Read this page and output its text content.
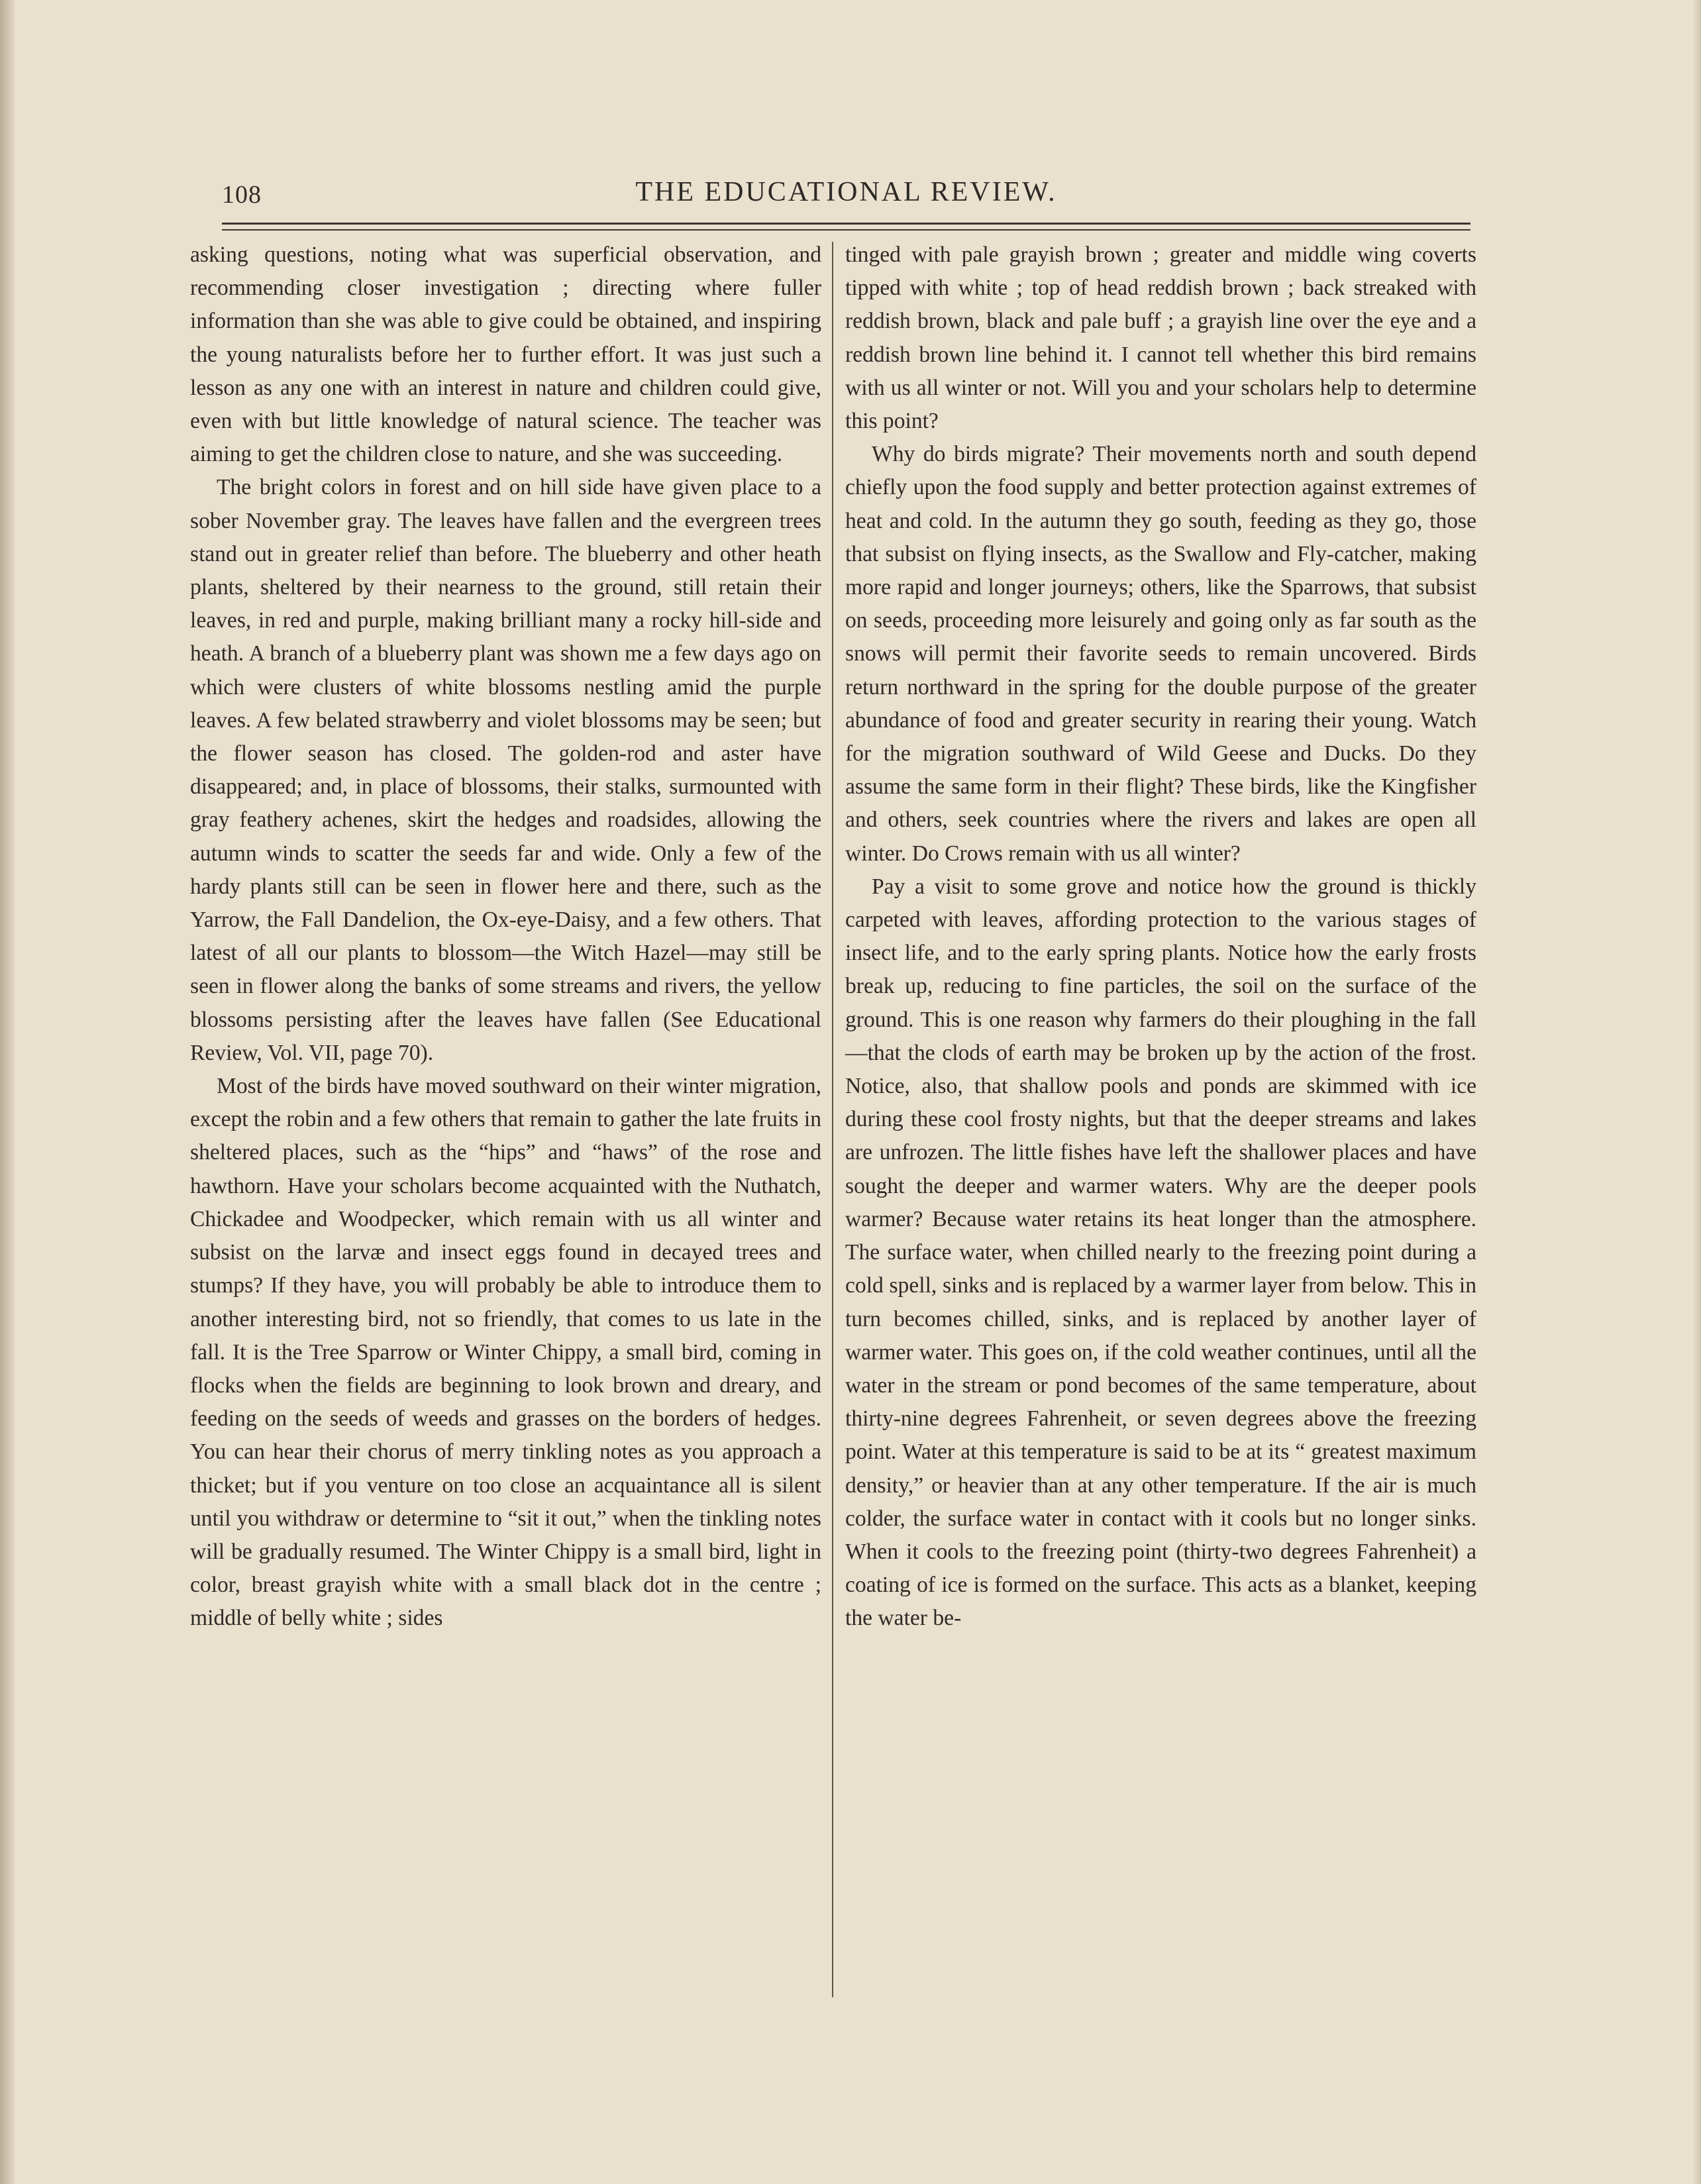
108	THE EDUCATIONAL REVIEW.

asking questions, noting what was superficial observation, and recommending closer investigation ; directing where fuller information than she was able to give could be obtained, and inspiring the young naturalists before her to further effort. It was just such a lesson as any one with an interest in nature and children could give, even with but little knowledge of natural science. The teacher was aiming to get the children close to nature, and she was succeeding.

The bright colors in forest and on hill side have given place to a sober November gray. The leaves have fallen and the evergreen trees stand out in greater relief than before. The blueberry and other heath plants, sheltered by their nearness to the ground, still retain their leaves, in red and purple, making brilliant many a rocky hill-side and heath. A branch of a blueberry plant was shown me a few days ago on which were clusters of white blossoms nestling amid the purple leaves. A few belated strawberry and violet blossoms may be seen; but the flower season has closed. The golden-rod and aster have disappeared; and, in place of blossoms, their stalks, surmounted with gray feathery achenes, skirt the hedges and roadsides, allowing the autumn winds to scatter the seeds far and wide. Only a few of the hardy plants still can be seen in flower here and there, such as the Yarrow, the Fall Dandelion, the Ox-eye-Daisy, and a few others. That latest of all our plants to blossom—the Witch Hazel—may still be seen in flower along the banks of some streams and rivers, the yellow blossoms persisting after the leaves have fallen (See Educational Review, Vol. VII, page 70).

Most of the birds have moved southward on their winter migration, except the robin and a few others that remain to gather the late fruits in sheltered places, such as the “hips” and “haws” of the rose and hawthorn. Have your scholars become acquainted with the Nuthatch, Chickadee and Woodpecker, which remain with us all winter and subsist on the larvæ and insect eggs found in decayed trees and stumps? If they have, you will probably be able to introduce them to another interesting bird, not so friendly, that comes to us late in the fall. It is the Tree Sparrow or Winter Chippy, a small bird, coming in flocks when the fields are beginning to look brown and dreary, and feeding on the seeds of weeds and grasses on the borders of hedges. You can hear their chorus of merry tinkling notes as you approach a thicket; but if you venture on too close an acquaintance all is silent until you withdraw or determine to “sit it out,” when the tinkling notes will be gradually resumed. The Winter Chippy is a small bird, light in color, breast grayish white with a small black dot in the centre ; middle of belly white ; sides

tinged with pale grayish brown ; greater and middle wing coverts tipped with white ; top of head reddish brown ; back streaked with reddish brown, black and pale buff ; a grayish line over the eye and a reddish brown line behind it. I cannot tell whether this bird remains with us all winter or not. Will you and your scholars help to determine this point?

Why do birds migrate? Their movements north and south depend chiefly upon the food supply and better protection against extremes of heat and cold. In the autumn they go south, feeding as they go, those that subsist on flying insects, as the Swallow and Fly-catcher, making more rapid and longer journeys; others, like the Sparrows, that subsist on seeds, proceeding more leisurely and going only as far south as the snows will permit their favorite seeds to remain uncovered. Birds return northward in the spring for the double purpose of the greater abundance of food and greater security in rearing their young. Watch for the migration southward of Wild Geese and Ducks. Do they assume the same form in their flight? These birds, like the Kingfisher and others, seek countries where the rivers and lakes are open all winter. Do Crows remain with us all winter?

Pay a visit to some grove and notice how the ground is thickly carpeted with leaves, affording protection to the various stages of insect life, and to the early spring plants. Notice how the early frosts break up, reducing to fine particles, the soil on the surface of the ground. This is one reason why farmers do their ploughing in the fall—that the clods of earth may be broken up by the action of the frost. Notice, also, that shallow pools and ponds are skimmed with ice during these cool frosty nights, but that the deeper streams and lakes are unfrozen. The little fishes have left the shallower places and have sought the deeper and warmer waters. Why are the deeper pools warmer? Because water retains its heat longer than the atmosphere. The surface water, when chilled nearly to the freezing point during a cold spell, sinks and is replaced by a warmer layer from below. This in turn becomes chilled, sinks, and is replaced by another layer of warmer water. This goes on, if the cold weather continues, until all the water in the stream or pond becomes of the same temperature, about thirty-nine degrees Fahrenheit, or seven degrees above the freezing point. Water at this temperature is said to be at its “ greatest maximum density,” or heavier than at any other temperature. If the air is much colder, the surface water in contact with it cools but no longer sinks. When it cools to the freezing point (thirty-two degrees Fahrenheit) a coating of ice is formed on the surface. This acts as a blanket, keeping the water be-
